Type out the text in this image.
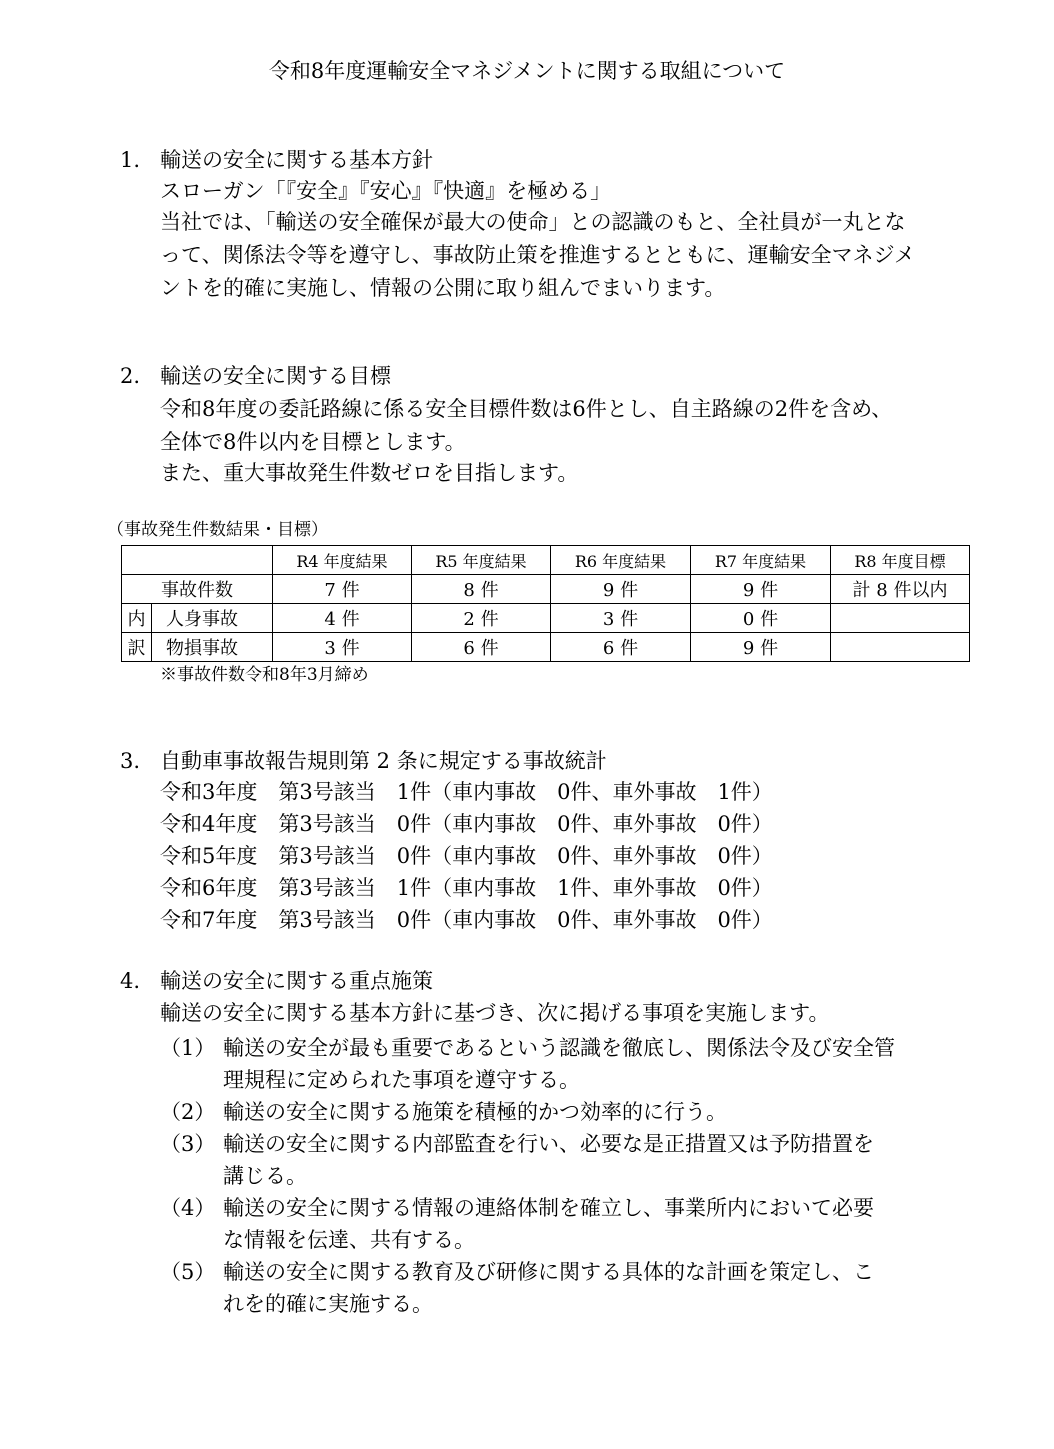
令和8年度運輸安全マネジメントに関する取組について
1. 輸送の安全に関する基本方針
スローガン「『安全』『安心』『快適』を極める」
当社では、「輸送の安全確保が最大の使命」との認識のもと、全社員が一丸とな
って、関係法令等を遵守し、事故防止策を推進するとともに、運輸安全マネジメ
ントを的確に実施し、情報の公開に取り組んでまいります。
2. 輸送の安全に関する目標
令和8年度の委託路線に係る安全目標件数は6件とし、自主路線の2件を含め、
全体で8件以内を目標とします。
また、重大事故発生件数ゼロを目指します。
（事故発生件数結果・目標）
		R4 年度結果	R5 年度結果	R6 年度結果	R7 年度結果	R8 年度目標
事故件数		7 件	8 件	9 件	9 件	計 8 件以内
内	人身事故	4 件	2 件	3 件	0 件	
訳	物損事故	3 件	6 件	6 件	9 件	
※事故件数令和8年3月締め
3. 自動車事故報告規則第 2 条に規定する事故統計
令和3年度　第3号該当　1件（車内事故　0件、車外事故　1件）
令和4年度　第3号該当　0件（車内事故　0件、車外事故　0件）
令和5年度　第3号該当　0件（車内事故　0件、車外事故　0件）
令和6年度　第3号該当　1件（車内事故　1件、車外事故　0件）
令和7年度　第3号該当　0件（車内事故　0件、車外事故　0件）
4. 輸送の安全に関する重点施策
輸送の安全に関する基本方針に基づき、次に掲げる事項を実施します。
（1） 輸送の安全が最も重要であるという認識を徹底し、関係法令及び安全管
理規程に定められた事項を遵守する。
（2） 輸送の安全に関する施策を積極的かつ効率的に行う。
（3） 輸送の安全に関する内部監査を行い、必要な是正措置又は予防措置を
講じる。
（4） 輸送の安全に関する情報の連絡体制を確立し、事業所内において必要
な情報を伝達、共有する。
（5） 輸送の安全に関する教育及び研修に関する具体的な計画を策定し、こ
れを的確に実施する。
